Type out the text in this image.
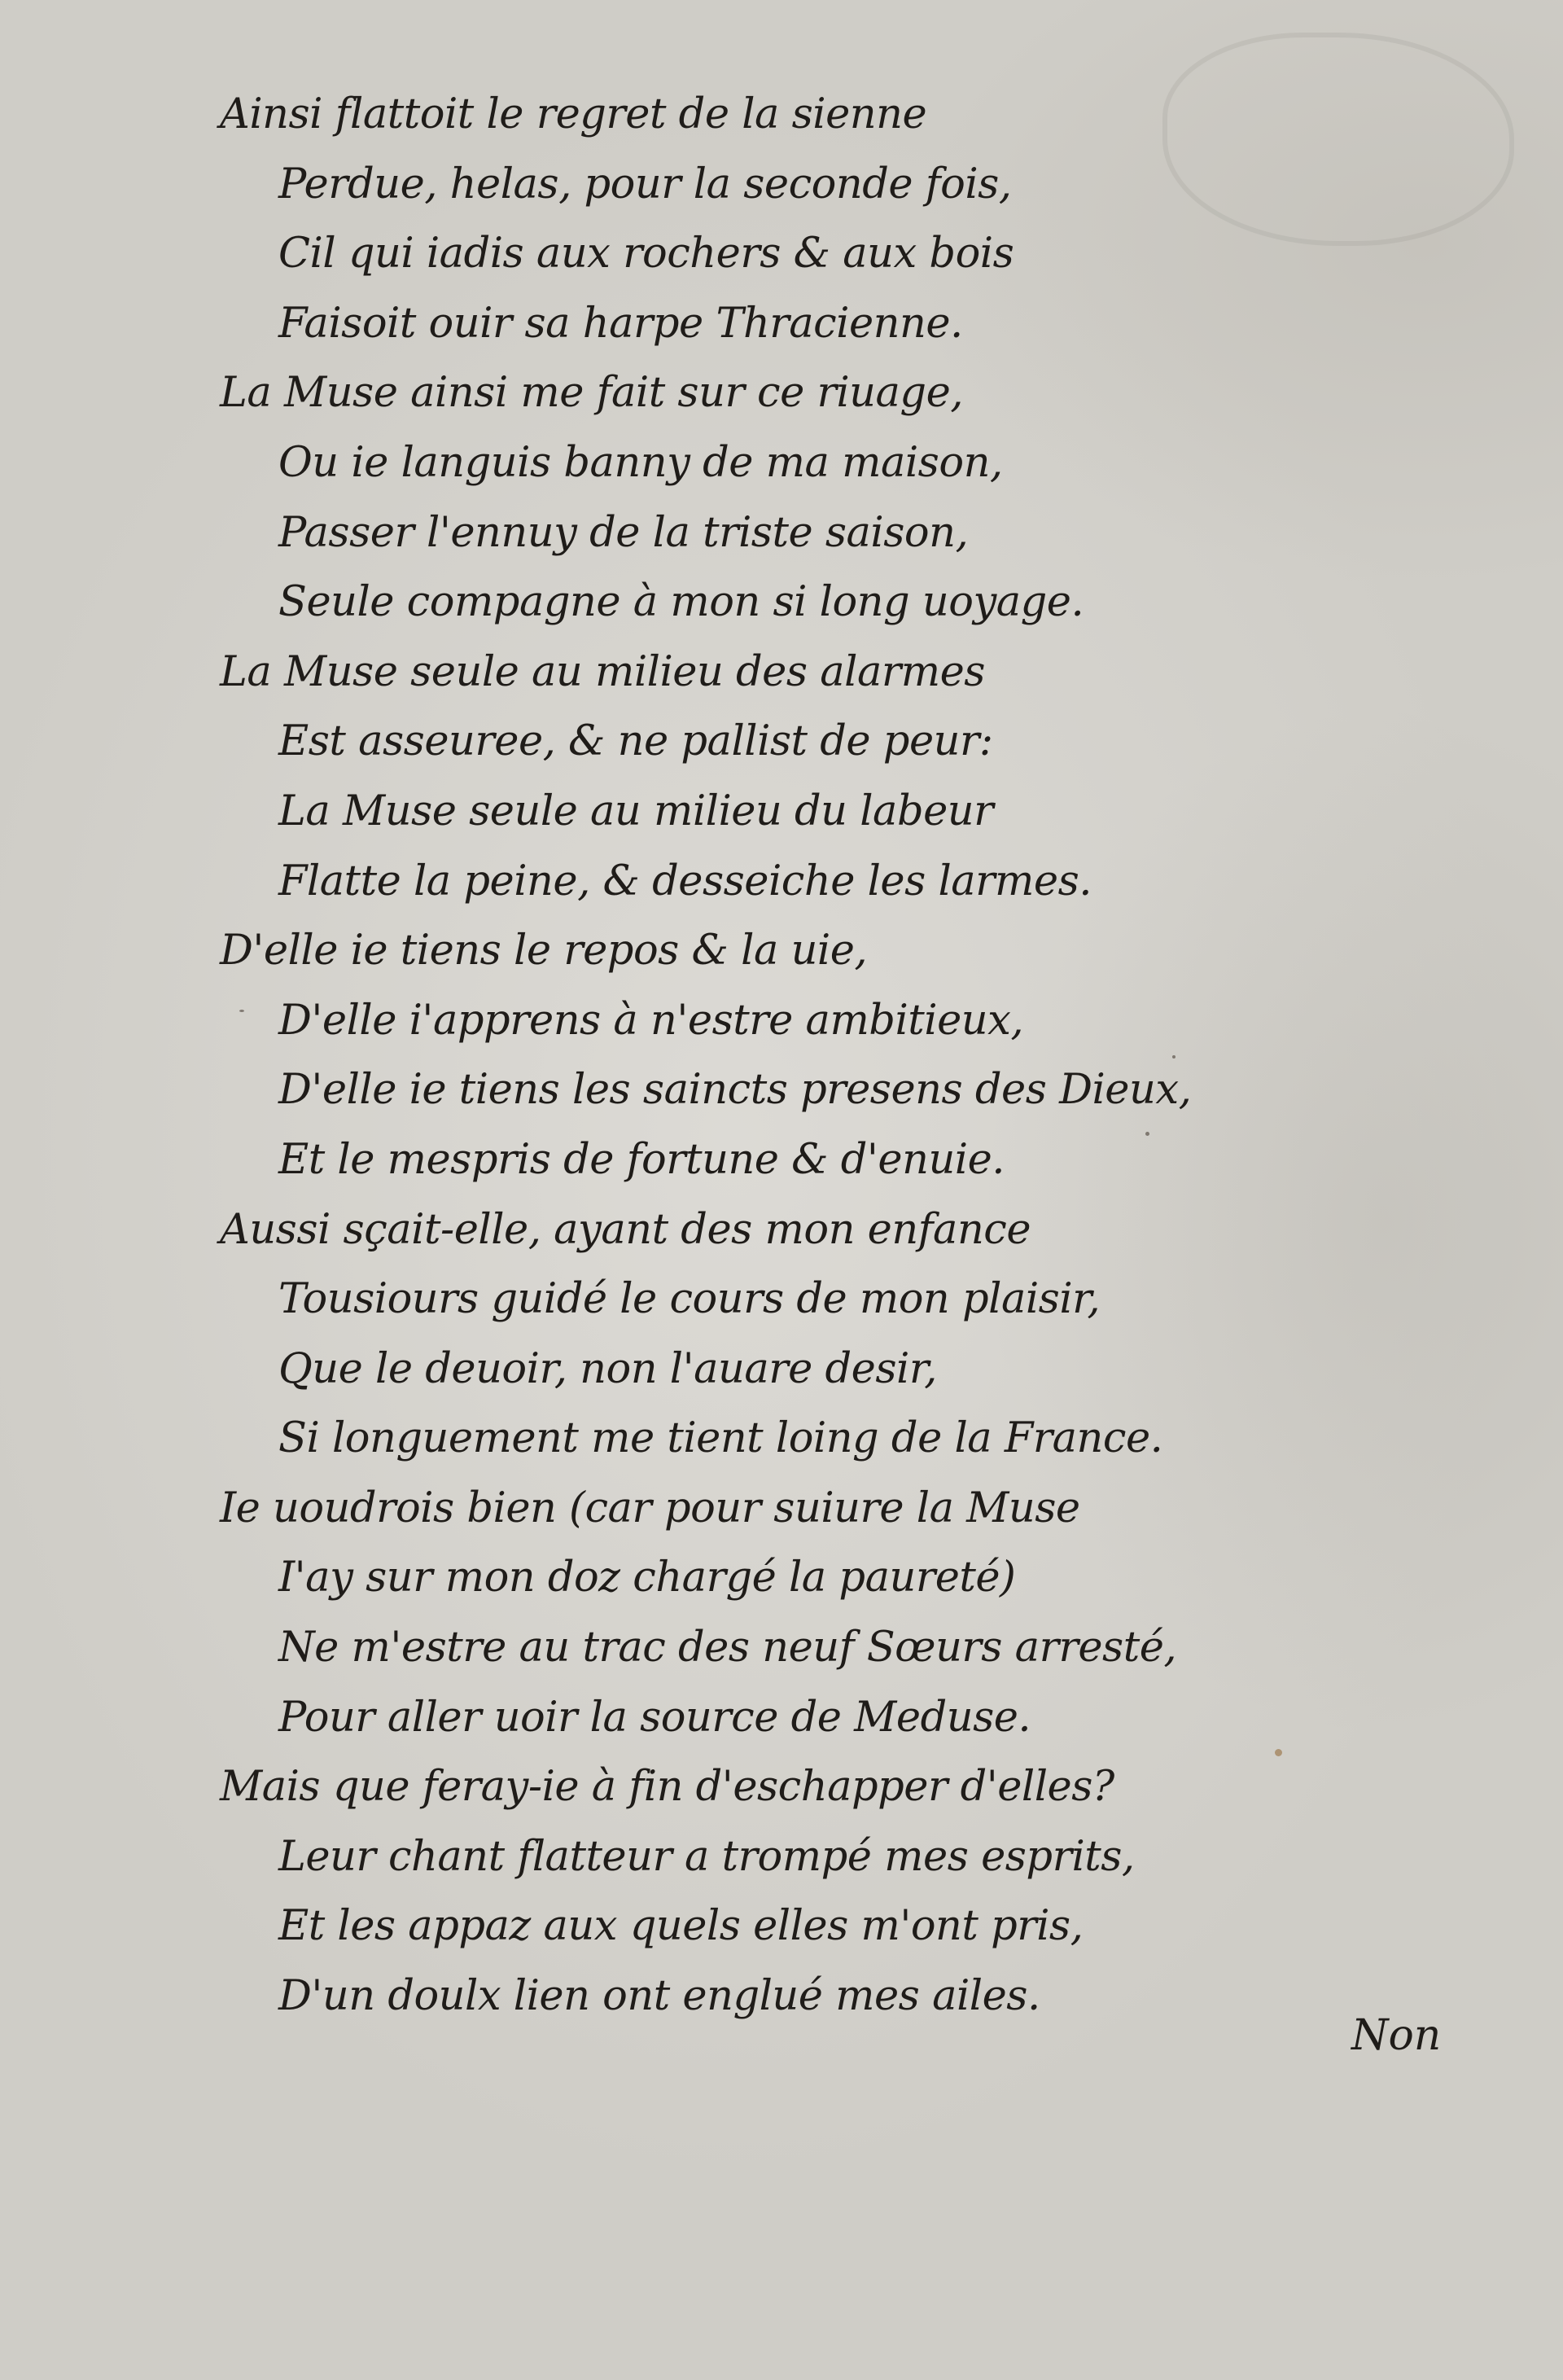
Ainsi flattoit le regret de la sienne
Perdue, helas, pour la seconde fois,
Cil qui iadis aux rochers & aux bois
Faisoit ouir sa harpe Thracienne.
La Muse ainsi me fait sur ce riuage,
Ou ie languis banny de ma maison,
Passer l'ennuy de la triste saison,
Seule compagne à mon si long uoyage.
La Muse seule au milieu des alarmes
Est asseuree, & ne pallist de peur:
La Muse seule au milieu du labeur
Flatte la peine, & desseiche les larmes.
D'elle ie tiens le repos & la uie,
D'elle i'apprens à n'estre ambitieux,
D'elle ie tiens les saincts presens des Dieux,
Et le mespris de fortune & d'enuie.
Aussi sçait-elle, ayant des mon enfance
Tousiours guidé le cours de mon plaisir,
Que le deuoir, non l'auare desir,
Si longuement me tient loing de la France.
Ie uoudrois bien (car pour suiure la Muse
I'ay sur mon doz chargé la paureté)
Ne m'estre au trac des neuf Sœurs arresté,
Pour aller uoir la source de Meduse.
Mais que feray-ie à fin d'eschapper d'elles?
Leur chant flatteur a trompé mes esprits,
Et les appaz aux quels elles m'ont pris,
D'un doulx lien ont englué mes ailes.
Non
